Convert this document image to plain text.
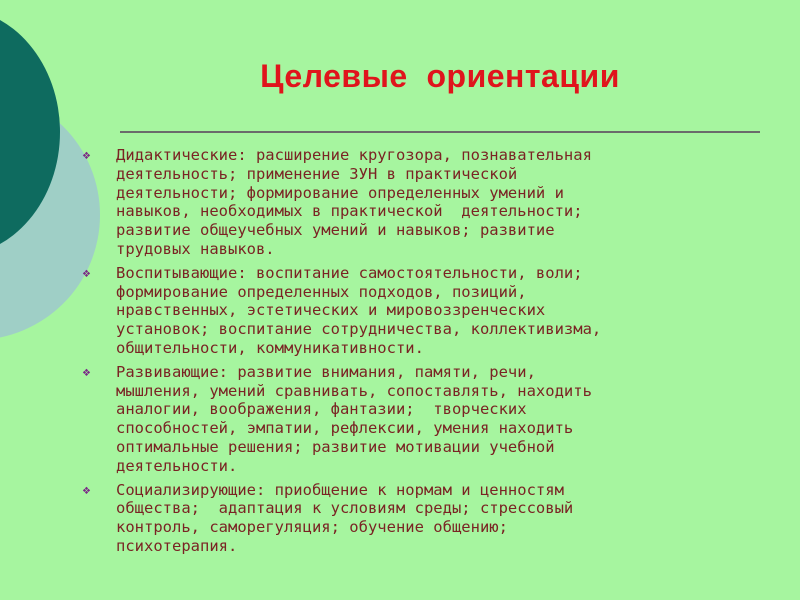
Целевые  ориентации
❖ Дидактические: расширение кругозора, познавательная
деятельность; применение ЗУН в практической
деятельности; формирование определенных умений и
навыков, необходимых в практической  деятельности;
развитие общеучебных умений и навыков; развитие
трудовых навыков.
❖ Воспитывающие: воспитание самостоятельности, воли;
формирование определенных подходов, позиций,
нравственных, эстетических и мировоззренческих
установок; воспитание сотрудничества, коллективизма,
общительности, коммуникативности.
❖ Развивающие: развитие внимания, памяти, речи,
мышления, умений сравнивать, сопоставлять, находить
аналогии, воображения, фантазии;  творческих
способностей, эмпатии, рефлексии, умения находить
оптимальные решения; развитие мотивации учебной
деятельности.
❖ Социализирующие: приобщение к нормам и ценностям
общества;  адаптация к условиям среды; стрессовый
контроль, саморегуляция; обучение общению;
психотерапия.
